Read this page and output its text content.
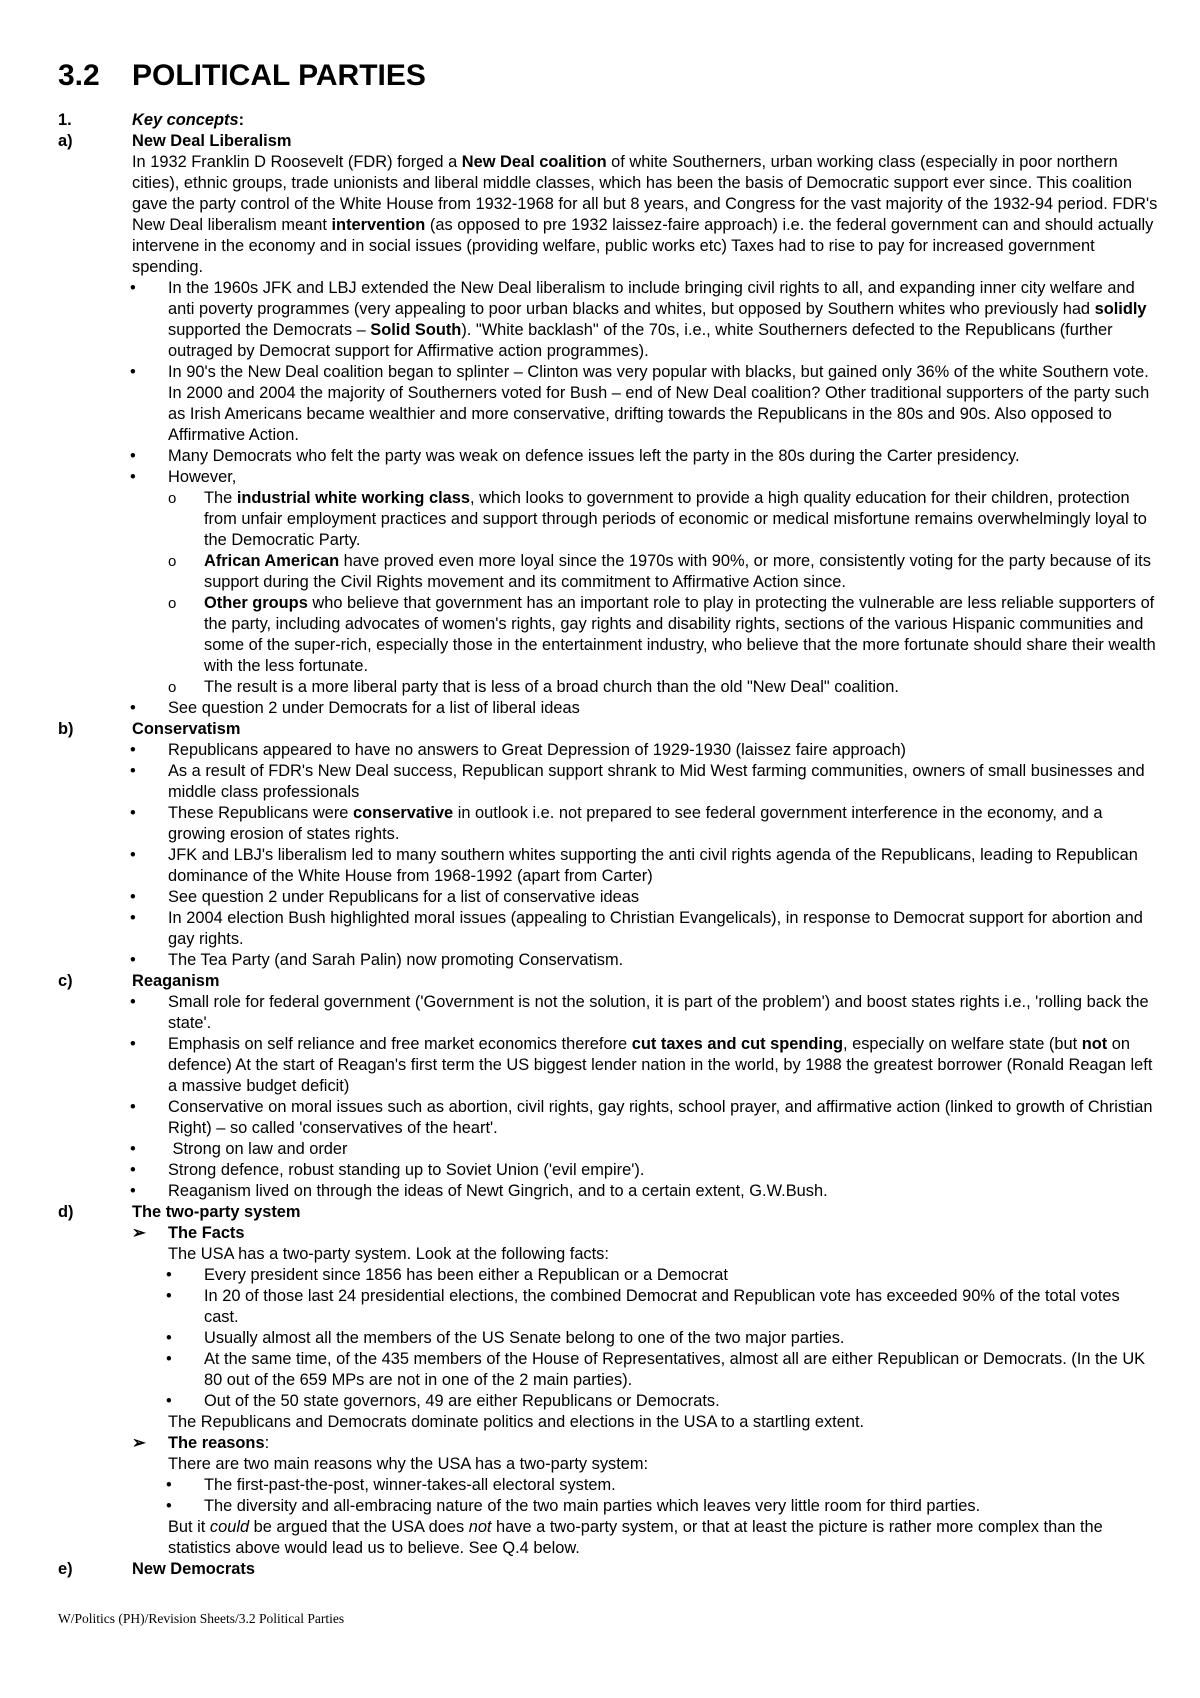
3.2 POLITICAL PARTIES
1.	Key concepts:
a)	New Deal Liberalism
In 1932 Franklin D Roosevelt (FDR) forged a New Deal coalition of white Southerners, urban working class (especially in poor northern cities), ethnic groups, trade unionists and liberal middle classes, which has been the basis of Democratic support ever since. This coalition gave the party control of the White House from 1932-1968 for all but 8 years, and Congress for the vast majority of the 1932-94 period. FDR's New Deal liberalism meant intervention (as opposed to pre 1932 laissez-faire approach) i.e. the federal government can and should actually intervene in the economy and in social issues (providing welfare, public works etc) Taxes had to rise to pay for increased government spending.
• In the 1960s JFK and LBJ extended the New Deal liberalism to include bringing civil rights to all, and expanding inner city welfare and anti poverty programmes (very appealing to poor urban blacks and whites, but opposed by Southern whites who previously had solidly supported the Democrats – Solid South). "White backlash" of the 70s, i.e., white Southerners defected to the Republicans (further outraged by Democrat support for Affirmative action programmes).
• In 90's the New Deal coalition began to splinter – Clinton was very popular with blacks, but gained only 36% of the white Southern vote. In 2000 and 2004 the majority of Southerners voted for Bush – end of New Deal coalition? Other traditional supporters of the party such as Irish Americans became wealthier and more conservative, drifting towards the Republicans in the 80s and 90s. Also opposed to Affirmative Action.
• Many Democrats who felt the party was weak on defence issues left the party in the 80s during the Carter presidency.
• However,
o The industrial white working class, which looks to government to provide a high quality education for their children, protection from unfair employment practices and support through periods of economic or medical misfortune remains overwhelmingly loyal to the Democratic Party.
o African American have proved even more loyal since the 1970s with 90%, or more, consistently voting for the party because of its support during the Civil Rights movement and its commitment to Affirmative Action since.
o Other groups who believe that government has an important role to play in protecting the vulnerable are less reliable supporters of the party, including advocates of women's rights, gay rights and disability rights, sections of the various Hispanic communities and some of the super-rich, especially those in the entertainment industry, who believe that the more fortunate should share their wealth with the less fortunate.
o The result is a more liberal party that is less of a broad church than the old "New Deal" coalition.
• See question 2 under Democrats for a list of liberal ideas
b)	Conservatism
• Republicans appeared to have no answers to Great Depression of 1929-1930 (laissez faire approach)
• As a result of FDR's New Deal success, Republican support shrank to Mid West farming communities, owners of small businesses and middle class professionals
• These Republicans were conservative in outlook i.e. not prepared to see federal government interference in the economy, and a growing erosion of states rights.
• JFK and LBJ's liberalism led to many southern whites supporting the anti civil rights agenda of the Republicans, leading to Republican dominance of the White House from 1968-1992 (apart from Carter)
• See question 2 under Republicans for a list of conservative ideas
• In 2004 election Bush highlighted moral issues (appealing to Christian Evangelicals), in response to Democrat support for abortion and gay rights.
• The Tea Party (and Sarah Palin) now promoting Conservatism.
c)	Reaganism
• Small role for federal government ('Government is not the solution, it is part of the problem') and boost states rights i.e., 'rolling back the state'.
• Emphasis on self reliance and free market economics therefore cut taxes and cut spending, especially on welfare state (but not on defence) At the start of Reagan's first term the US biggest lender nation in the world, by 1988 the greatest borrower (Ronald Reagan left a massive budget deficit)
• Conservative on moral issues such as abortion, civil rights, gay rights, school prayer, and affirmative action (linked to growth of Christian Right) – so called 'conservatives of the heart'.
•  Strong on law and order
• Strong defence, robust standing up to Soviet Union ('evil empire').
• Reaganism lived on through the ideas of Newt Gingrich, and to a certain extent, G.W.Bush.
d)	The two-party system
➢	The Facts
The USA has a two-party system. Look at the following facts:
• Every president since 1856 has been either a Republican or a Democrat
• In 20 of those last 24 presidential elections, the combined Democrat and Republican vote has exceeded 90% of the total votes cast.
• Usually almost all the members of the US Senate belong to one of the two major parties.
• At the same time, of the 435 members of the House of Representatives, almost all are either Republican or Democrats. (In the UK 80 out of the 659 MPs are not in one of the 2 main parties).
• Out of the 50 state governors, 49 are either Republicans or Democrats.
The Republicans and Democrats dominate politics and elections in the USA to a startling extent.
➢	The reasons:
There are two main reasons why the USA has a two-party system:
• The first-past-the-post, winner-takes-all electoral system.
• The diversity and all-embracing nature of the two main parties which leaves very little room for third parties.
But it could be argued that the USA does not have a two-party system, or that at least the picture is rather more complex than the statistics above would lead us to believe. See Q.4 below.
e)	New Democrats
W/Politics (PH)/Revision Sheets/3.2 Political Parties
